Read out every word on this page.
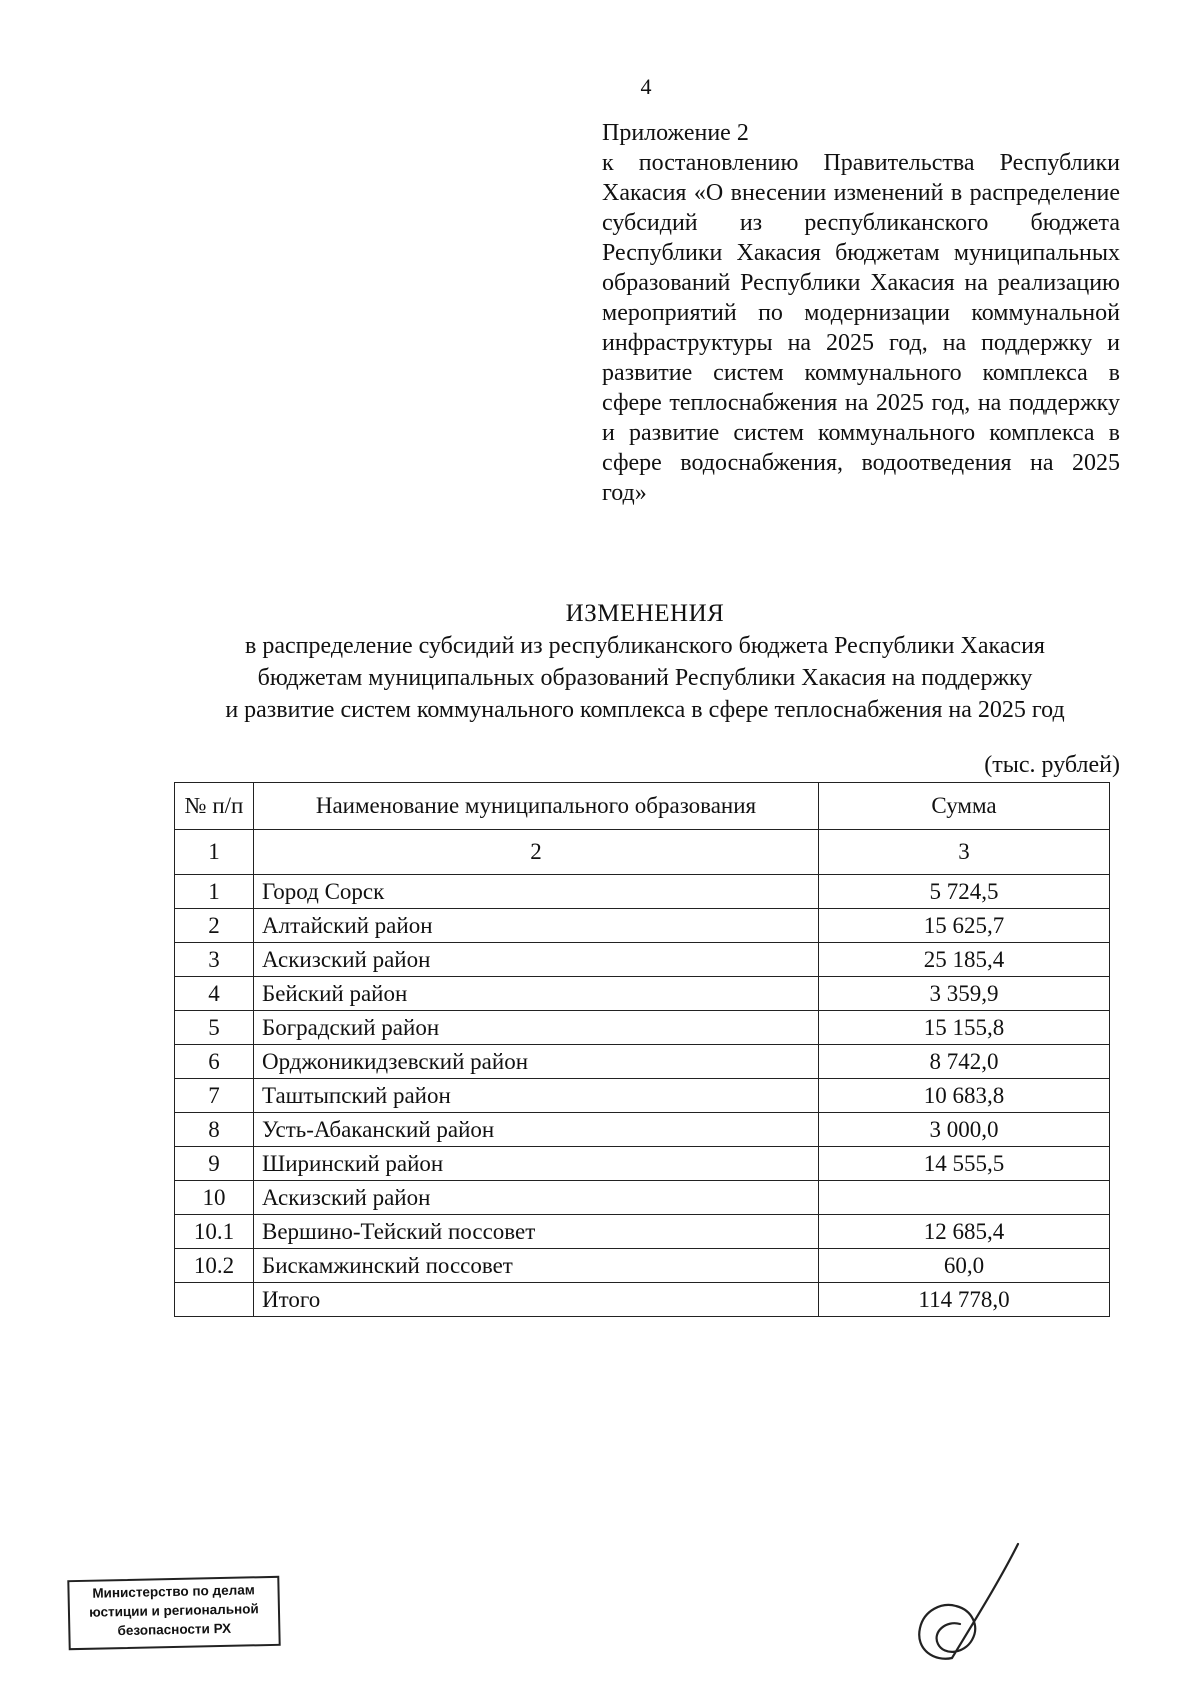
4

Приложение 2

к постановлению Правительства Республики Хакасия «О внесении изменений в распределение субсидий из республиканского бюджета Республики Хакасия бюджетам муниципальных образований Республики Хакасия на реализацию мероприятий по модернизации коммунальной инфраструктуры на 2025 год, на поддержку и развитие систем коммунального комплекса в сфере теплоснабжения на 2025 год, на поддержку и развитие систем коммунального комплекса в сфере водоснабжения, водоотведения на 2025 год»

ИЗМЕНЕНИЯ
в распределение субсидий из республиканского бюджета Республики Хакасия
бюджетам муниципальных образований Республики Хакасия на поддержку
и развитие систем коммунального комплекса в сфере теплоснабжения на 2025 год
(тыс. рублей)
№ п/п	Наименование муниципального образования	Сумма
1	2	3
1	Город Сорск	5 724,5
2	Алтайский район	15 625,7
3	Аскизский район	25 185,4
4	Бейский район	3 359,9
5	Боградский район	15 155,8
6	Орджоникидзевский район	8 742,0
7	Таштыпский район	10 683,8
8	Усть-Абаканский район	3 000,0
9	Ширинский район	14 555,5
10	Аскизский район	
10.1	Вершино-Тейский поссовет	12 685,4
10.2	Бискамжинский поссовет	60,0
	Итого	114 778,0
Министерство по делам
юстиции и региональной
безопасности РХ
